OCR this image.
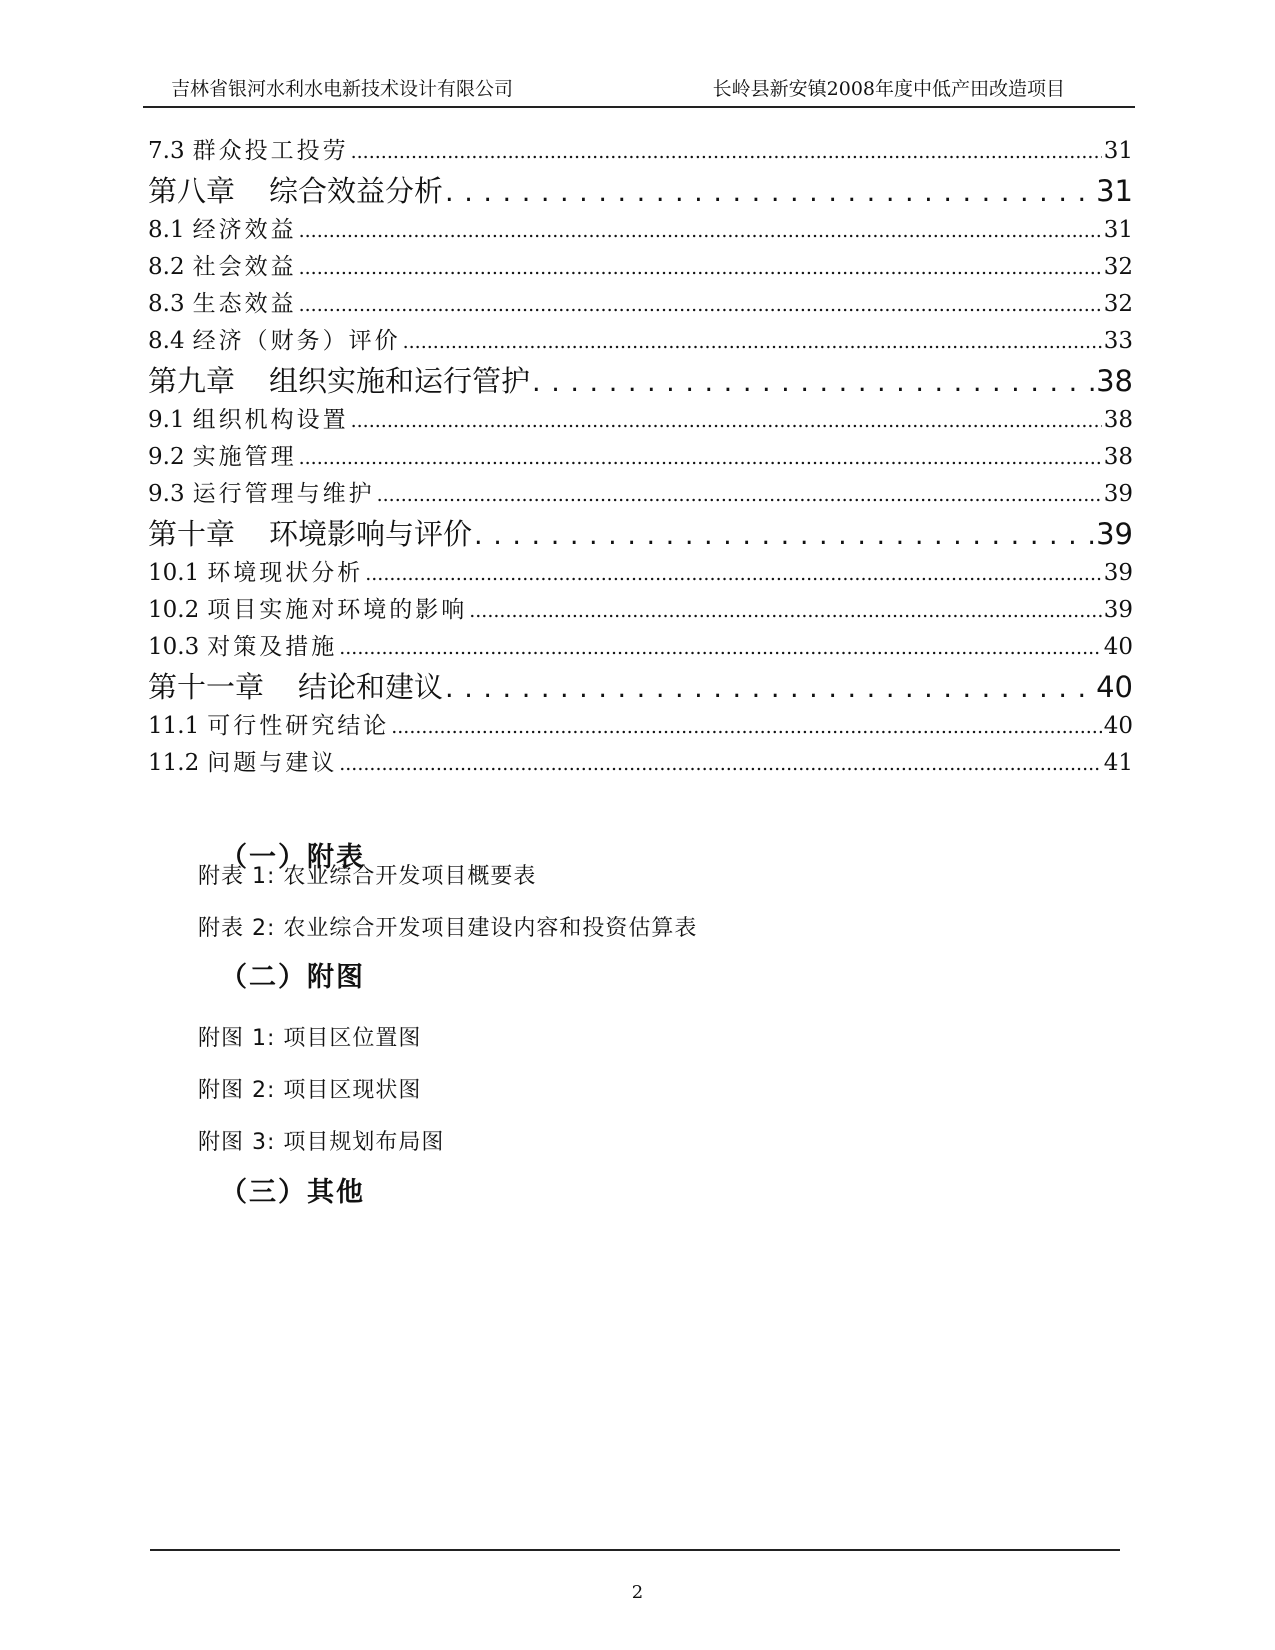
吉林省银河水利水电新技术设计有限公司	长岭县新安镇2008年度中低产田改造项目
7.3 群众投工投劳 .....	31
第八章 综合效益分析 . . .	31
8.1 经济效益 .....	31
8.2 社会效益 .....	32
8.3 生态效益 .....	32
8.4 经济（财务）评价 .....	33
第九章 组织实施和运行管护 . . .	38
9.1 组织机构设置 .....	38
9.2 实施管理 .....	38
9.3 运行管理与维护 .....	39
第十章 环境影响与评价 . . .	39
10.1 环境现状分析 .....	39
10.2 项目实施对环境的影响 .....	39
10.3 对策及措施 .....	40
第十一章 结论和建议 . . .	40
11.1 可行性研究结论 .....	40
11.2 问题与建议 .....	41
（一）附表
附表 1: 农业综合开发项目概要表
附表 2: 农业综合开发项目建设内容和投资估算表
（二）附图
附图 1: 项目区位置图
附图 2: 项目区现状图
附图 3: 项目规划布局图
（三）其他
2
